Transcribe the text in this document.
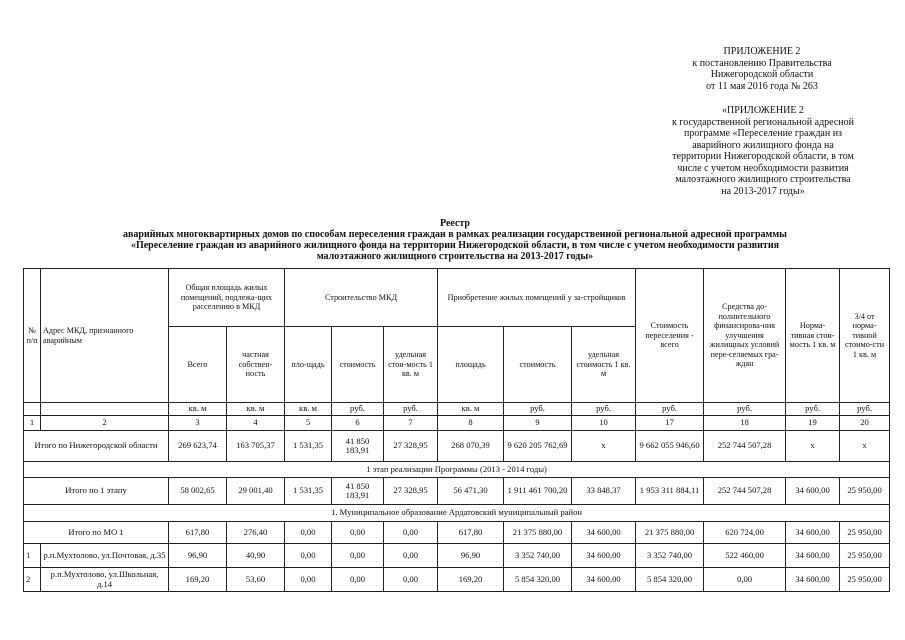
ПРИЛОЖЕНИЕ 2
к постановлению Правительства
Нижегородской области
от 11 мая 2016 года № 263
«ПРИЛОЖЕНИЕ 2
к государственной региональной адресной
программе «Переселение граждан из
аварийного жилищного фонда на
территории Нижегородской области, в том
числе с учетом необходимости развития
малоэтажного жилищного строительства
на 2013-2017 годы»
Реестр
аварийных многоквартирных домов по способам переселения граждан в рамках реализации государственной региональной адресной программы
«Переселение граждан из аварийного жилищного фонда на территории Нижегородской области, в том числе с учетом необходимости развития
малоэтажного жилищного строительства на 2013-2017 годы»
№ п/п	Адрес МКД, признанного аварийным	Общая площадь жилых помещений, подлежа-щих расселению в МКД		Строительство МКД			Приобретение жилых помещений у за-стройщиков			Стоимость переселения - всего	Средства до-полнительного финансирова-ния улучшения жилищных условий пере-селяемых гра-ждан	Норма-тивная стои-мость 1 кв. м	3/4 от норма-тивной стоимо-сти 1 кв. м
		Всего	частная собствен-ность	пло-щадь	стоимость	удельная стои-мость 1 кв. м	площадь	стоимость	удельная стоимость 1 кв. м				
		кв. м	кв. м	кв. м	руб.	руб.	кв. м	руб.	руб.	руб.	руб.	руб.	руб.
1	2	3	4	5	6	7	8	9	10	17	18	19	20
Итого по Нижегородской области		269 623,74	163 705,37	1 531,35	41 850 183,91	27 328,95	268 070,39	9 620 205 762,69	x	9 662 055 946,60	252 744 507,28	x	x
1 этап реализации Программы (2013 - 2014 годы)													
Итого по 1 этапу		58 002,65	29 001,40	1 531,35	41 850 183,91	27 328,95	56 471,30	1 911 461 700,20	33 848,37	1 953 311 884,11	252 744 507,28	34 600,00	25 950,00
1. Муниципальное образование Ардатовский муниципальный район													
Итого по МО 1		617,80	276,40	0,00	0,00	0,00	617,80	21 375 880,00	34 600,00	21 375 880,00	620 724,00	34 600,00	25 950,00
1	р.п.Мухтолово, ул.Почтовая, д.35	96,90	40,90	0,00	0,00	0,00	96,90	3 352 740,00	34 600,00	3 352 740,00	522 460,00	34 600,00	25 950,00
2	р.п.Мухтолово, ул.Школьная, д.14	169,20	53,60	0,00	0,00	0,00	169,20	5 854 320,00	34 600,00	5 854 320,00	0,00	34 600,00	25 950,00
